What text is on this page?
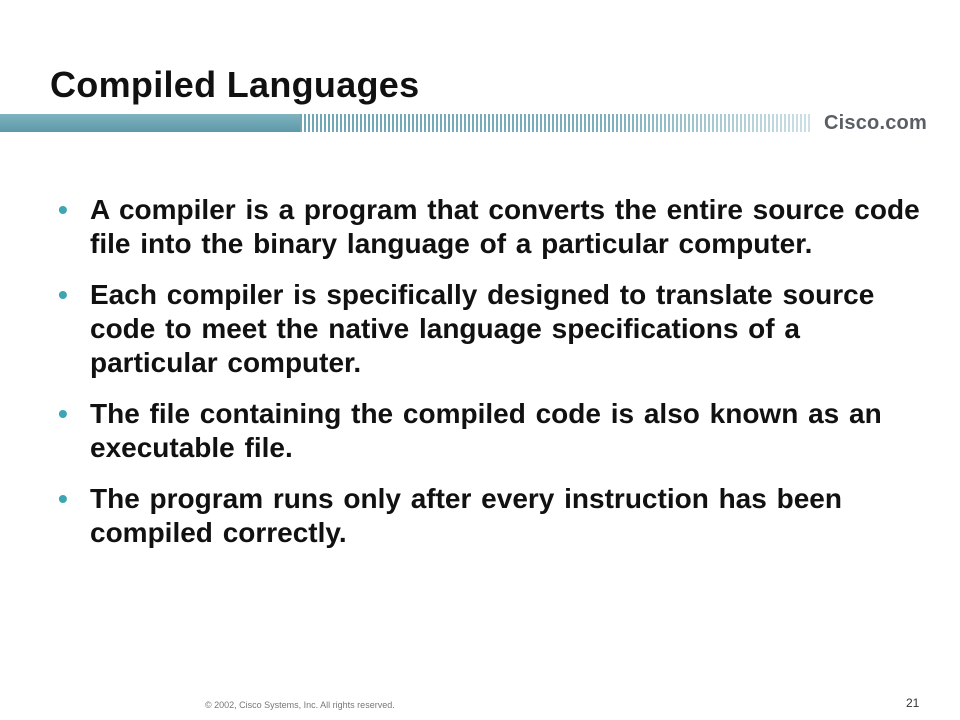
Compiled Languages
Cisco.com
• A compiler is a program that converts the entire source code file into the binary language of a particular computer.
• Each compiler is specifically designed to translate source code to meet the native language specifications of a particular computer.
• The file containing the compiled code is also known as an executable file.
• The program runs only after every instruction has been compiled correctly.
© 2002, Cisco Systems, Inc. All rights reserved.	21
